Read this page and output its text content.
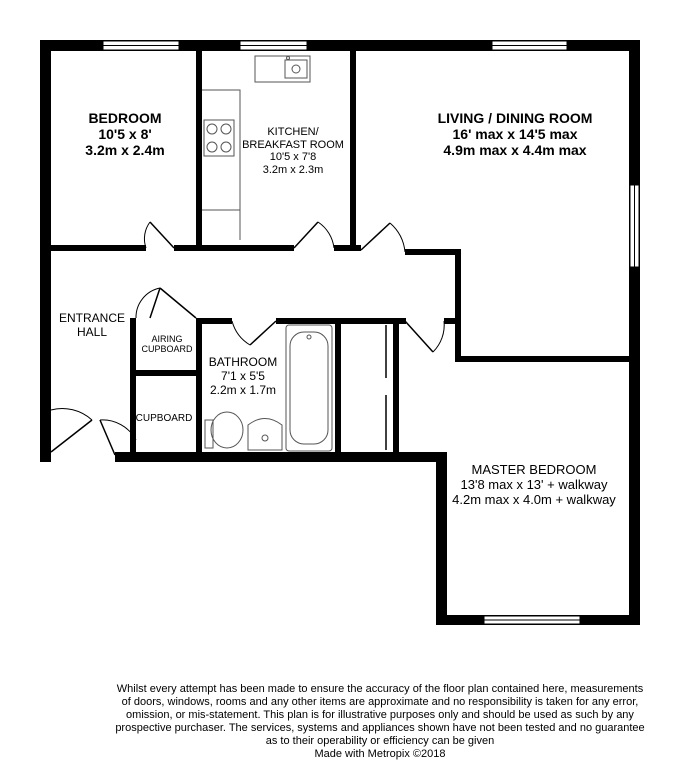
BEDROOM
10'5 x 8'
3.2m x 2.4m
KITCHEN/
BREAKFAST ROOM
10'5 x 7'8
3.2m x 2.3m
LIVING / DINING ROOM
16' max x 14'5 max
4.9m max x 4.4m max
ENTRANCE
HALL
AIRING
CUPBOARD
CUPBOARD
BATHROOM
7'1 x 5'5
2.2m x 1.7m
MASTER BEDROOM
13'8 max x 13' + walkway
4.2m max x 4.0m + walkway
Whilst every attempt has been made to ensure the accuracy of the floor plan contained here, measurements
of doors, windows, rooms and any other items are approximate and no responsibility is taken for any error,
omission, or mis-statement. This plan is for illustrative purposes only and should be used as such by any
prospective purchaser. The services, systems and appliances shown have not been tested and no guarantee
as to their operability or efficiency can be given
Made with Metropix ©2018
